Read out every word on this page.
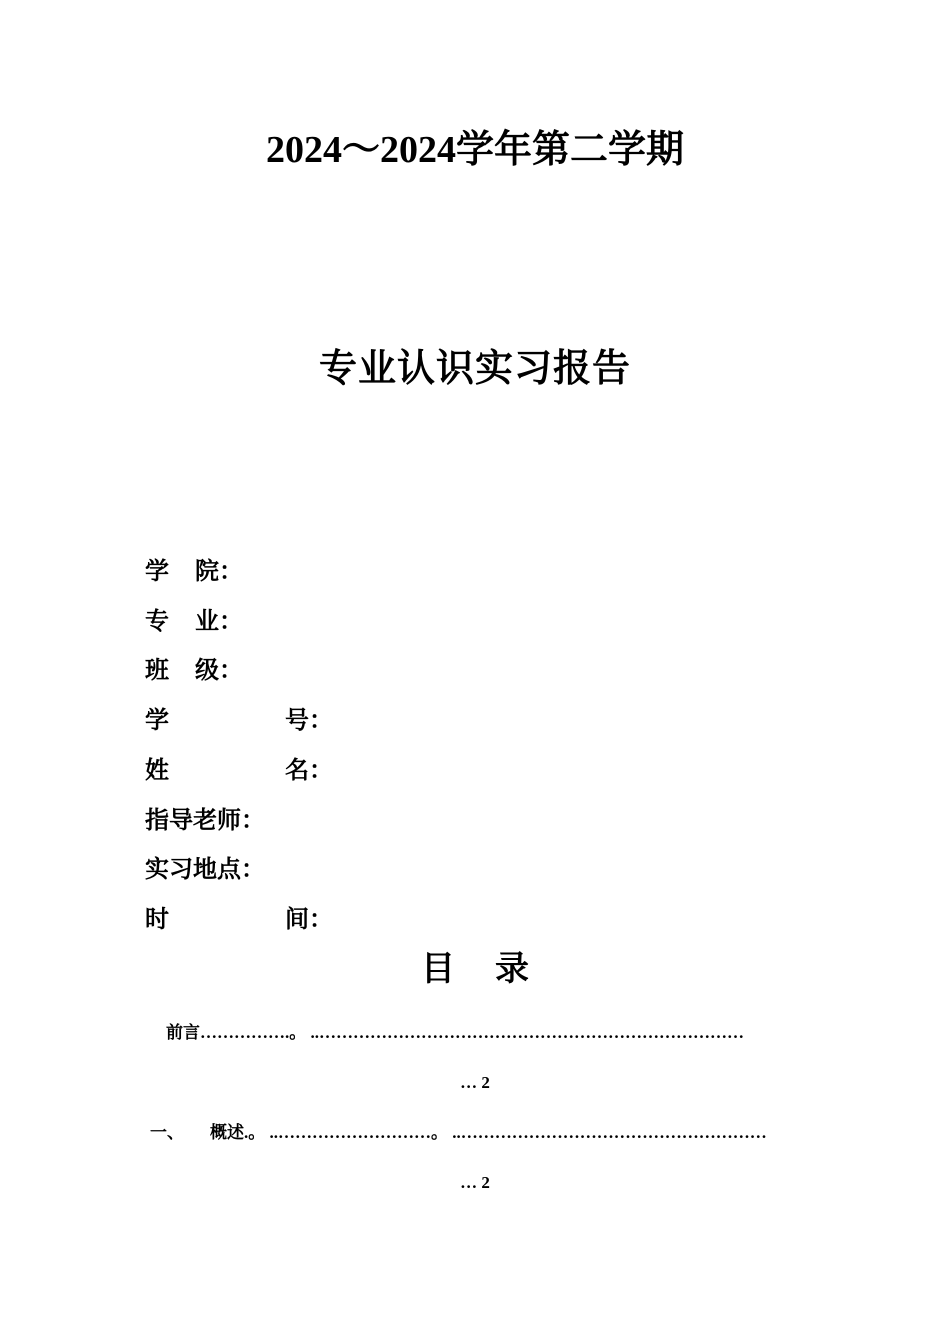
2024～2024学年第二学期
专业认识实习报告
学 院：
专 业：
班 级：
学	号：
姓	名：
指导老师：
实习地点：
时	间：
目 录
前言…………….。 ..…………………………………………………………………
… 2
一、 概述.。 ..………………………。 ..………………………………………………
… 2
